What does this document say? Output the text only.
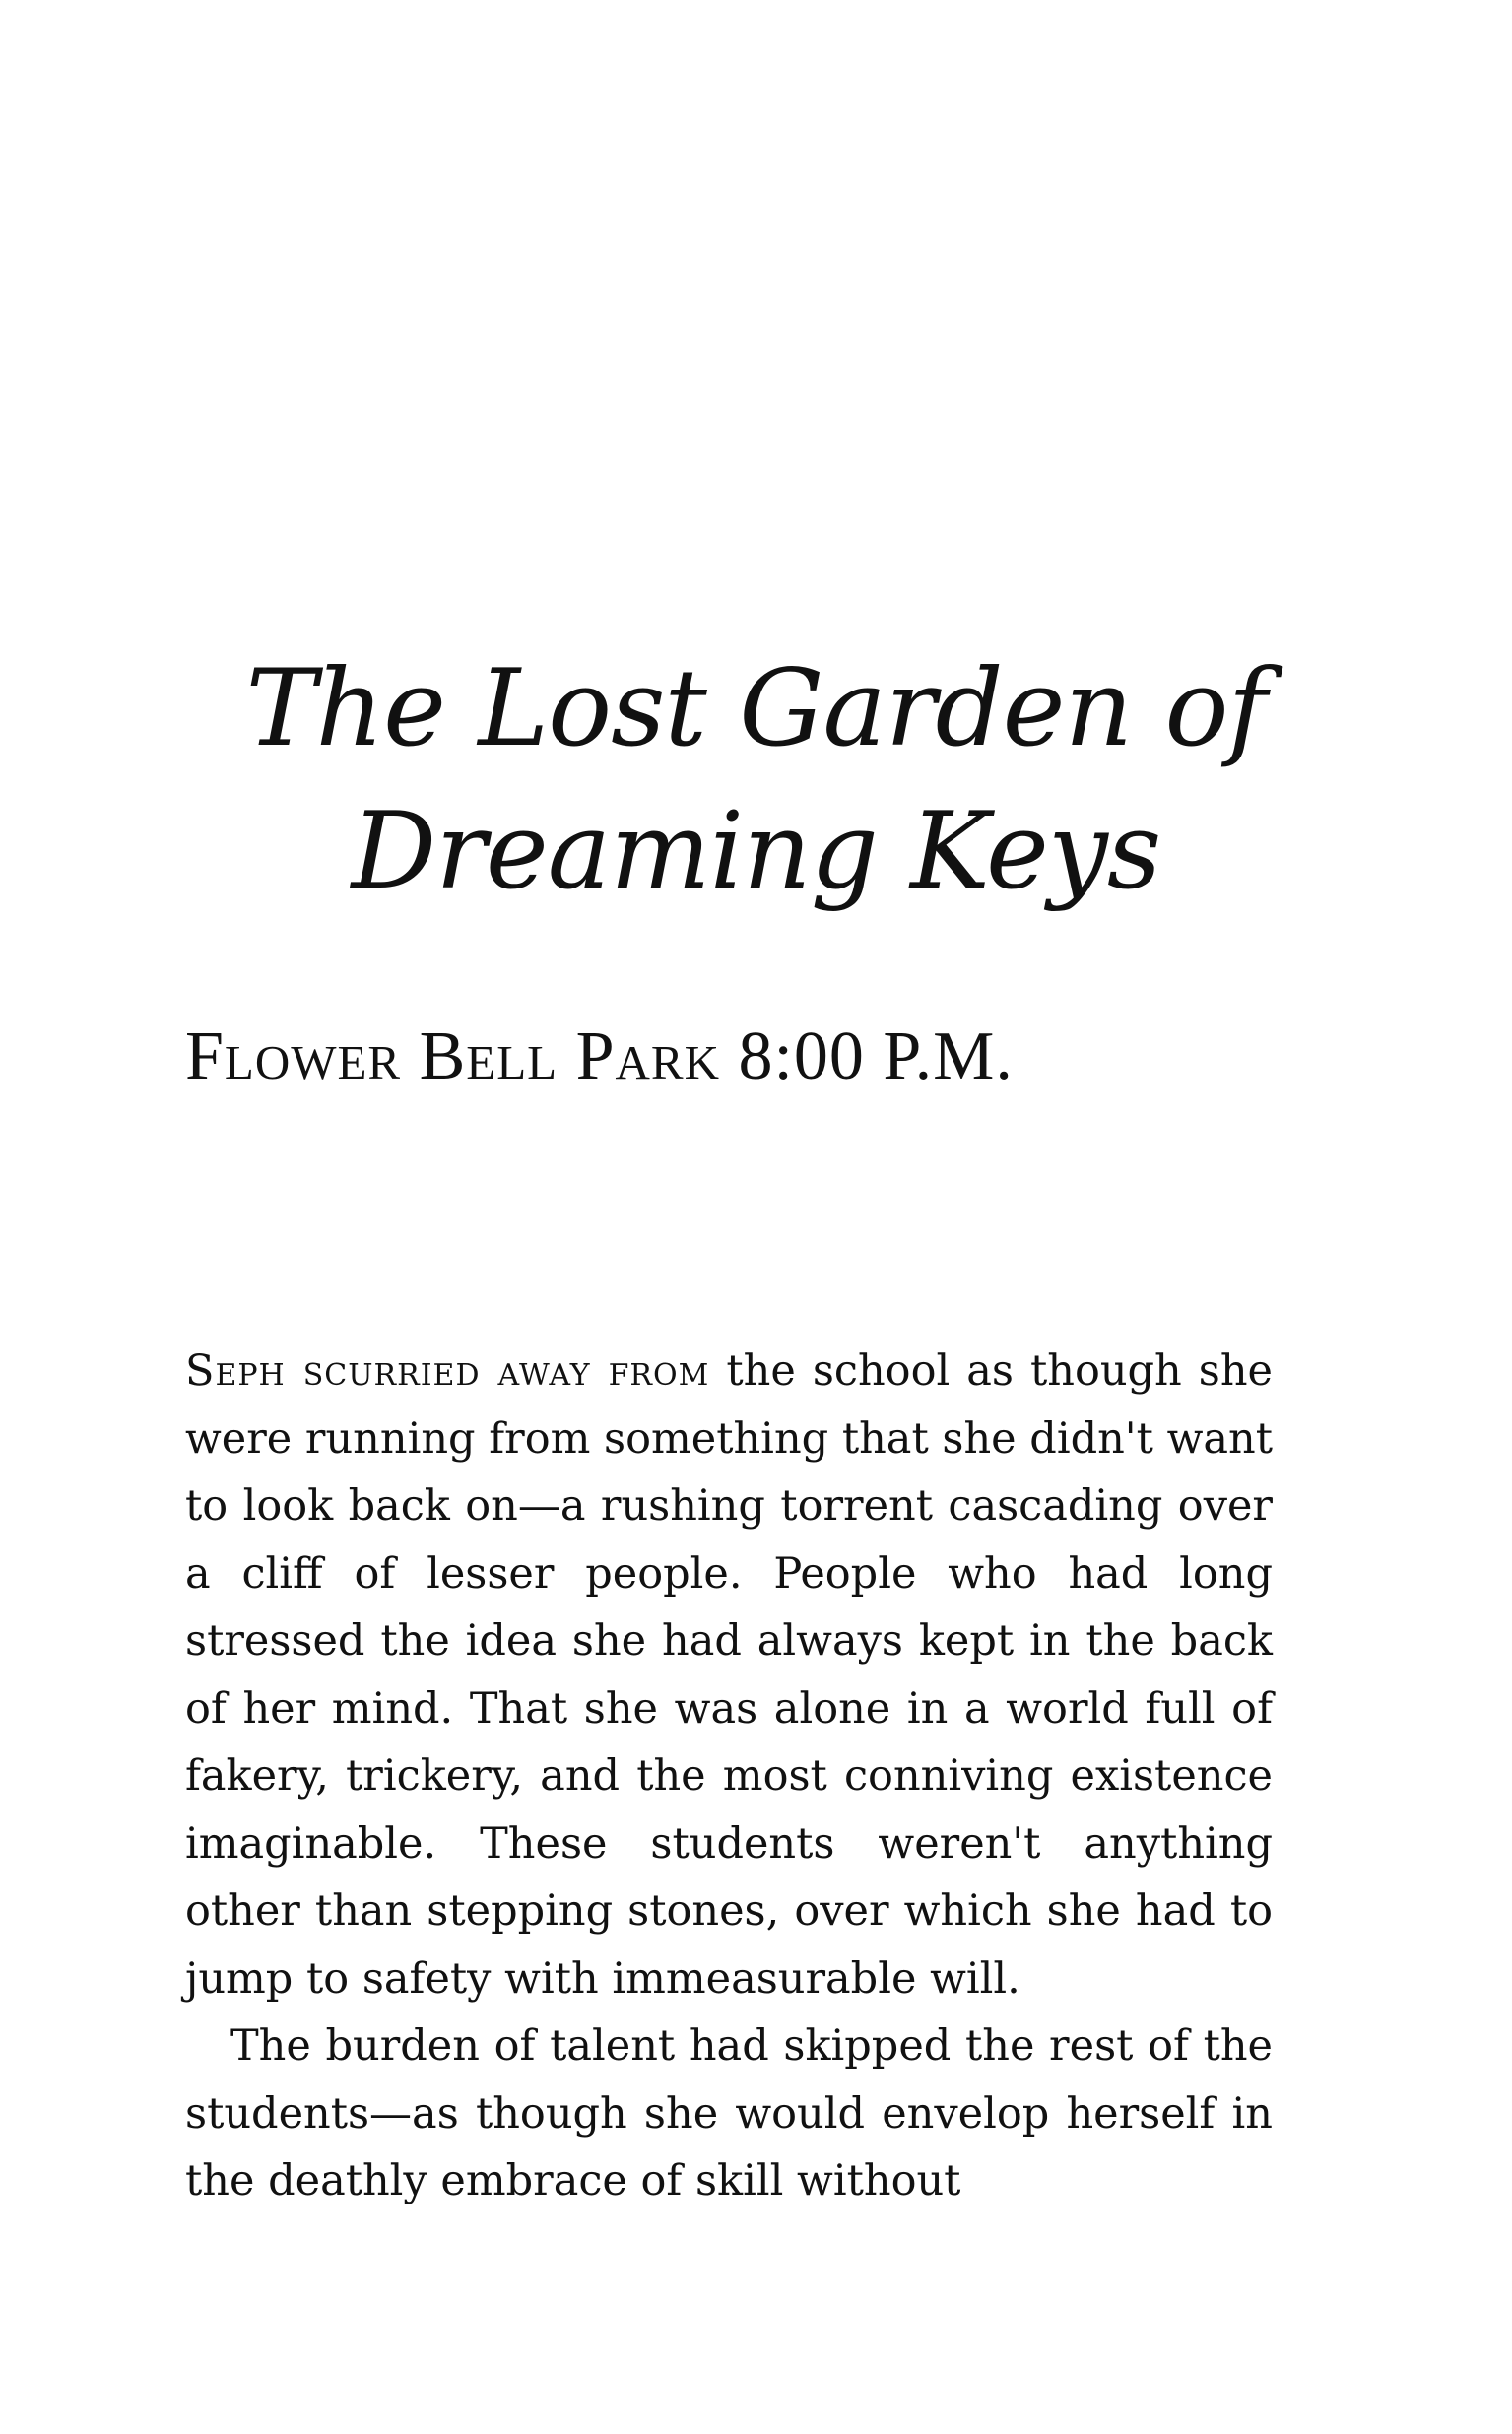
The Lost Garden of
Dreaming Keys
Flower Bell Park 8:00 P.M.

Seph scurried away from the school as though she were running from something that she didn't want to look back on—a rushing torrent cascading over a cliff of lesser people. People who had long stressed the idea she had always kept in the back of her mind. That she was alone in a world full of fakery, trickery, and the most conniving existence imaginable. These students weren't anything other than stepping stones, over which she had to jump to safety with immeasurable will.

The burden of talent had skipped the rest of the students—as though she would envelop herself in the deathly embrace of skill without
